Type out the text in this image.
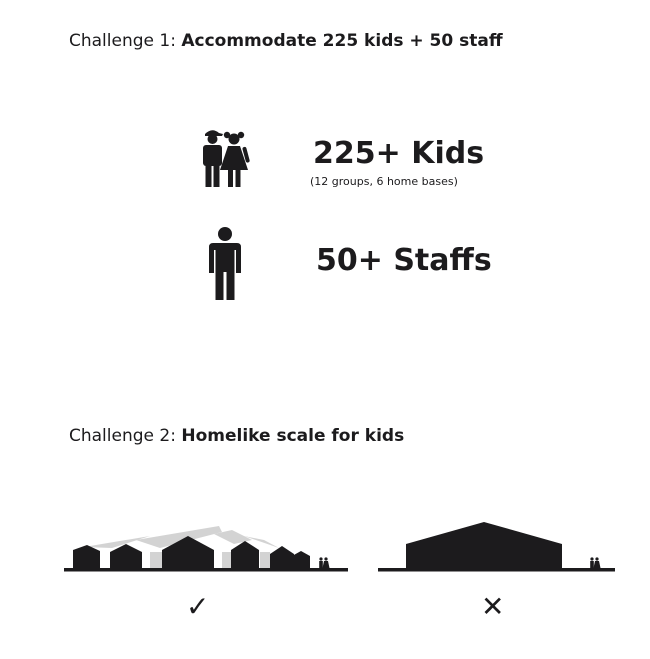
Challenge 1: Accommodate 225 kids + 50 staff
225+ Kids
(12 groups, 6 home bases)
50+ Staffs
Challenge 2: Homelike scale for kids
✓	✕
